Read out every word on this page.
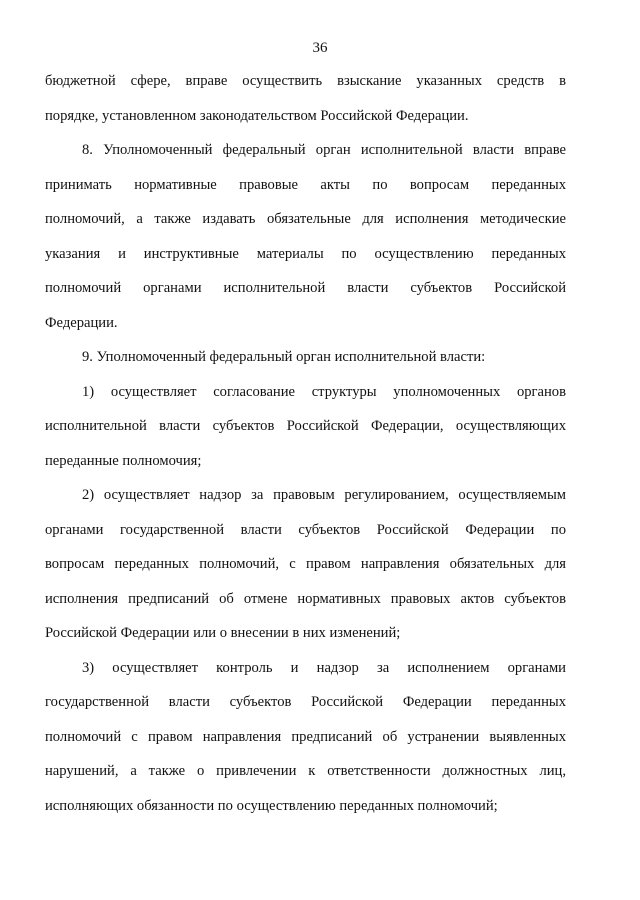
36
бюджетной сфере, вправе осуществить взыскание указанных средств в
порядке, установленном законодательством Российской Федерации.
8. Уполномоченный федеральный орган исполнительной власти вправе
принимать нормативные правовые акты по вопросам переданных
полномочий, а также издавать обязательные для исполнения методические
указания и инструктивные материалы по осуществлению переданных
полномочий органами исполнительной власти субъектов Российской
Федерации.
9. Уполномоченный федеральный орган исполнительной власти:
1) осуществляет согласование структуры уполномоченных органов
исполнительной власти субъектов Российской Федерации, осуществляющих
переданные полномочия;
2) осуществляет надзор за правовым регулированием, осуществляемым
органами государственной власти субъектов Российской Федерации по
вопросам переданных полномочий, с правом направления обязательных для
исполнения предписаний об отмене нормативных правовых актов субъектов
Российской Федерации или о внесении в них изменений;
3) осуществляет контроль и надзор за исполнением органами
государственной власти субъектов Российской Федерации переданных
полномочий с правом направления предписаний об устранении выявленных
нарушений, а также о привлечении к ответственности должностных лиц,
исполняющих обязанности по осуществлению переданных полномочий;
